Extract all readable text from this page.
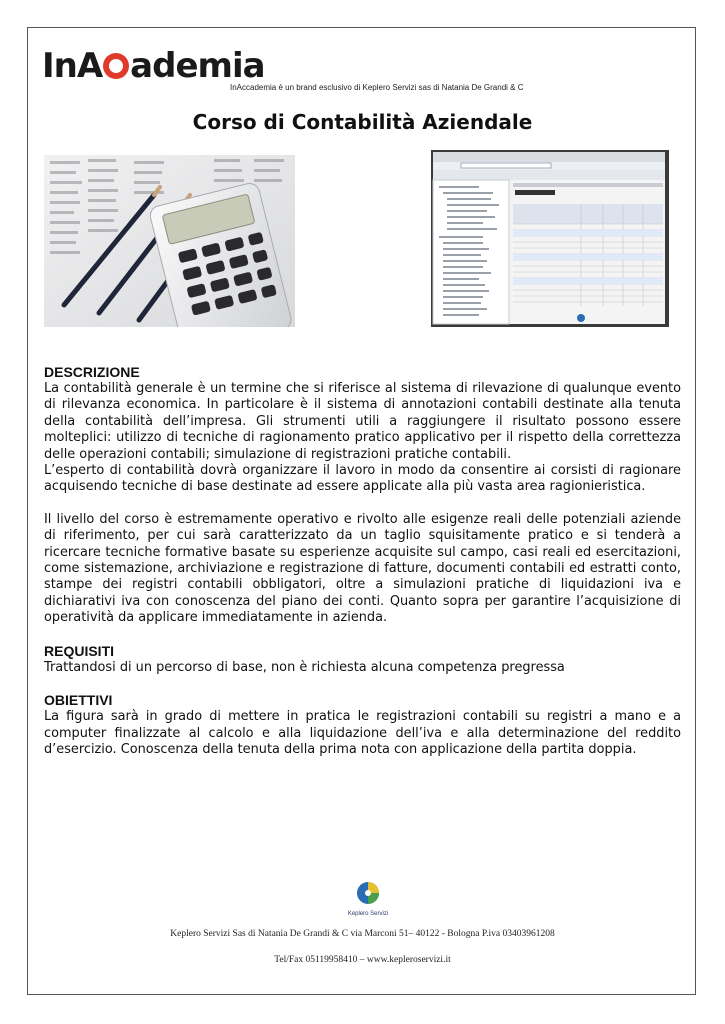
InA ademia
InAccademia è un brand esclusivo di Keplero Servizi sas di Natania De Grandi & C
Corso di Contabilità Aziendale
DESCRIZIONE

La contabilità generale è un termine che si riferisce al sistema di rilevazione di qualunque evento di rilevanza economica. In particolare è il sistema di annotazioni contabili destinate alla tenuta della contabilità dell’impresa. Gli strumenti utili a raggiungere il risultato possono essere molteplici: utilizzo di tecniche di ragionamento pratico applicativo per il rispetto della correttezza delle operazioni contabili; simulazione di registrazioni pratiche contabili.

L’esperto di contabilità dovrà organizzare il lavoro in modo da consentire ai corsisti di ragionare acquisendo tecniche di base destinate ad essere applicate alla più vasta area ragionieristica.

Il livello del corso è estremamente operativo e rivolto alle esigenze reali delle potenziali aziende di riferimento, per cui sarà caratterizzato da un taglio squisitamente pratico e si tenderà a ricercare tecniche formative basate su esperienze acquisite sul campo, casi reali ed esercitazioni, come sistemazione, archiviazione e registrazione di fatture, documenti contabili ed estratti conto, stampe dei registri contabili obbligatori, oltre a simulazioni pratiche di liquidazioni iva e dichiarativi iva con conoscenza del piano dei conti. Quanto sopra per garantire l’acquisizione di operatività da applicare immediatamente in azienda.

REQUISITI

Trattandosi di un percorso di base, non è richiesta alcuna competenza pregressa

OBIETTIVI

La figura sarà in grado di mettere in pratica le registrazioni contabili su registri a mano e a computer finalizzate al calcolo e alla liquidazione dell’iva e alla determinazione del reddito d’esercizio. Conoscenza della tenuta della prima nota con applicazione della partita doppia.

Keplero Servizi
Keplero Servizi Sas di Natania De Grandi & C via Marconi 51– 40122 - Bologna P.iva 03403961208
Tel/Fax 05119958410 – www.kepleroservizi.it
